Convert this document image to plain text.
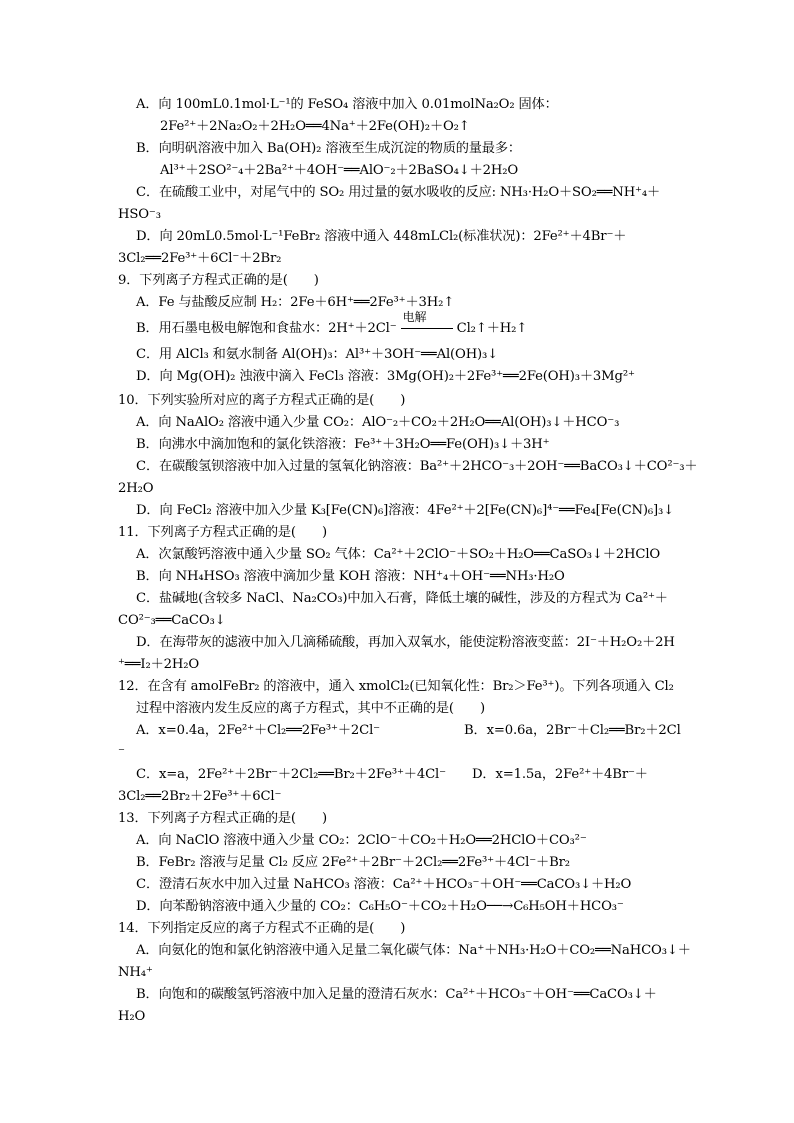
A．向 100mL0.1mol·L⁻¹的 FeSO₄ 溶液中加入 0.01molNa₂O₂ 固体：
2Fe²⁺＋2Na₂O₂＋2H₂O══4Na⁺＋2Fe(OH)₂＋O₂↑
B．向明矾溶液中加入 Ba(OH)₂ 溶液至生成沉淀的物质的量最多：
Al³⁺＋2SO²⁻₄＋2Ba²⁺＋4OH⁻══AlO⁻₂＋2BaSO₄↓＋2H₂O
C．在硫酸工业中，对尾气中的 SO₂ 用过量的氨水吸收的反应: NH₃·H₂O＋SO₂══NH⁺₄＋
HSO⁻₃
D．向 20mL0.5mol·L⁻¹FeBr₂ 溶液中通入 448mLCl₂(标准状况)：2Fe²⁺＋4Br⁻＋
3Cl₂══2Fe³⁺＋6Cl⁻＋2Br₂
9．下列离子方程式正确的是(　　)
A．Fe 与盐酸反应制 H₂：2Fe＋6H⁺══2Fe³⁺＋3H₂↑
B．用石墨电极电解饱和食盐水：2H⁺＋2Cl⁻
电解
Cl₂↑＋H₂↑
C．用 AlCl₃ 和氨水制备 Al(OH)₃：Al³⁺＋3OH⁻══Al(OH)₃↓
D．向 Mg(OH)₂ 浊液中滴入 FeCl₃ 溶液：3Mg(OH)₂＋2Fe³⁺══2Fe(OH)₃＋3Mg²⁺
10．下列实验所对应的离子方程式正确的是(　　)
A．向 NaAlO₂ 溶液中通入少量 CO₂：AlO⁻₂＋CO₂＋2H₂O══Al(OH)₃↓＋HCO⁻₃
B．向沸水中滴加饱和的氯化铁溶液：Fe³⁺＋3H₂O══Fe(OH)₃↓＋3H⁺
C．在碳酸氢钡溶液中加入过量的氢氧化钠溶液：Ba²⁺＋2HCO⁻₃＋2OH⁻══BaCO₃↓＋CO²⁻₃＋
2H₂O
D．向 FeCl₂ 溶液中加入少量 K₃[Fe(CN)₆]溶液：4Fe²⁺＋2[Fe(CN)₆]⁴⁻══Fe₄[Fe(CN)₆]₃↓
11．下列离子方程式正确的是(　　)
A．次氯酸钙溶液中通入少量 SO₂ 气体：Ca²⁺＋2ClO⁻＋SO₂＋H₂O══CaSO₃↓＋2HClO
B．向 NH₄HSO₃ 溶液中滴加少量 KOH 溶液：NH⁺₄＋OH⁻══NH₃·H₂O
C．盐碱地(含较多 NaCl、Na₂CO₃)中加入石膏，降低土壤的碱性，涉及的方程式为 Ca²⁺＋
CO²⁻₃══CaCO₃↓
D．在海带灰的滤液中加入几滴稀硫酸，再加入双氧水，能使淀粉溶液变蓝：2I⁻＋H₂O₂＋2H
⁺══I₂＋2H₂O
12．在含有 amolFeBr₂ 的溶液中，通入 xmolCl₂(已知氧化性：Br₂＞Fe³⁺)。下列各项通入 Cl₂
过程中溶液内发生反应的离子方程式，其中不正确的是(　　)
A．x=0.4a，2Fe²⁺＋Cl₂══2Fe³⁺＋2Cl⁻	B．x=0.6a，2Br⁻＋Cl₂══Br₂＋2Cl
⁻
C．x=a，2Fe²⁺＋2Br⁻＋2Cl₂══Br₂＋2Fe³⁺＋4Cl⁻　　D．x=1.5a，2Fe²⁺＋4Br⁻＋
3Cl₂══2Br₂＋2Fe³⁺＋6Cl⁻
13．下列离子方程式正确的是(　　)
A．向 NaClO 溶液中通入少量 CO₂：2ClO⁻＋CO₂＋H₂O══2HClO＋CO₃²⁻
B．FeBr₂ 溶液与足量 Cl₂ 反应 2Fe²⁺＋2Br⁻＋2Cl₂══2Fe³⁺＋4Cl⁻＋Br₂
C．澄清石灰水中加入过量 NaHCO₃ 溶液：Ca²⁺＋HCO₃⁻＋OH⁻══CaCO₃↓＋H₂O
D．向苯酚钠溶液中通入少量的 CO₂：C₆H₅O⁻＋CO₂＋H₂O──→C₆H₅OH＋HCO₃⁻
14．下列指定反应的离子方程式不正确的是(　　)
A．向氨化的饱和氯化钠溶液中通入足量二氧化碳气体：Na⁺＋NH₃·H₂O＋CO₂══NaHCO₃↓＋
NH₄⁺
B．向饱和的碳酸氢钙溶液中加入足量的澄清石灰水：Ca²⁺＋HCO₃⁻＋OH⁻══CaCO₃↓＋
H₂O
